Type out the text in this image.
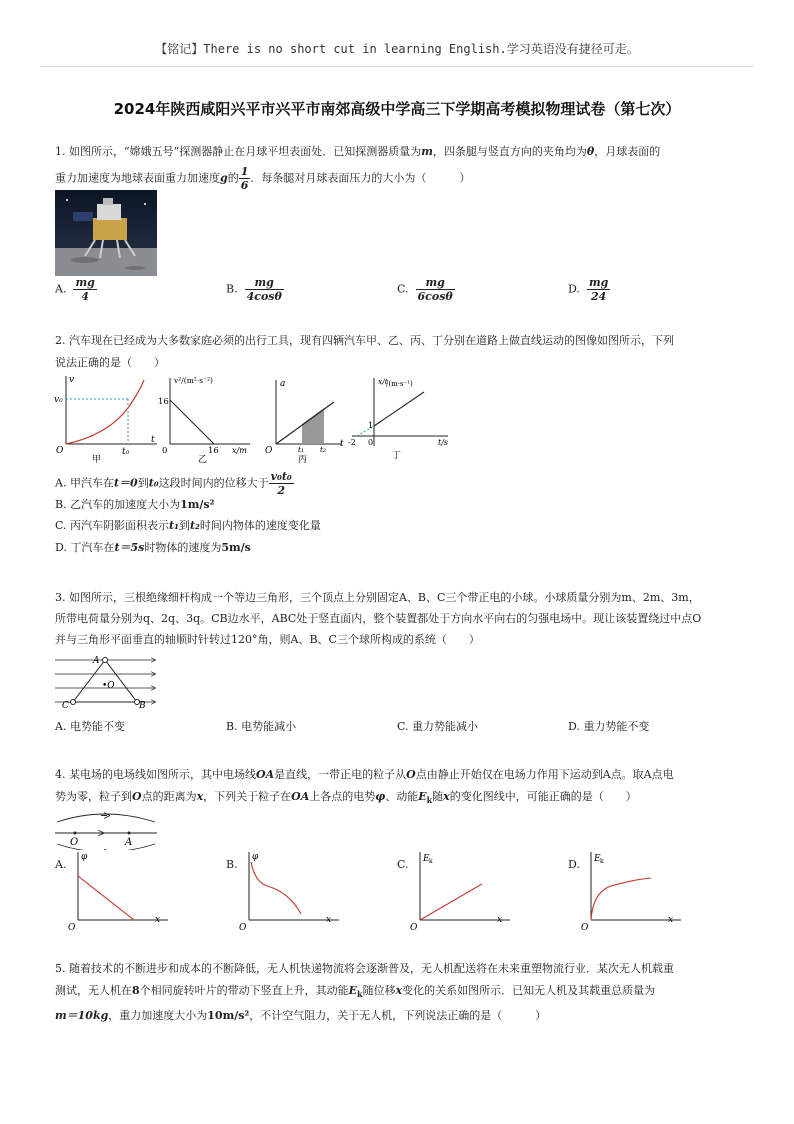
【铭记】There is no short cut in learning English.学习英语没有捷径可走。
2024年陕西咸阳兴平市兴平市南郊高级中学高三下学期高考模拟物理试卷（第七次）
1. 如图所示，“嫦娥五号”探测器静止在月球平坦表面处．已知探测器质量为m，四条腿与竖直方向的夹角均为θ，月球表面的
重力加速度为地球表面重力加速度g的 $\frac{1}{6}$ ．每条腿对月球表面压力的大小为（　　　）
A. $\frac{mg}{4}$	B. $\frac{mg}{4\cos\theta}$	C. $\frac{mg}{6\cos\theta}$	D. $\frac{mg}{24}$
2. 汽车现在已经成为大多数家庭必须的出行工具，现有四辆汽车甲、乙、丙、丁分别在道路上做直线运动的图像如图所示，下列
说法正确的是（　　）
v
v₀
t₀
t
O
甲
v²/(m²·s⁻²)
16
16 x/m
0
乙
a
t₁ t₂
t
O
丙
x/t
/(m·s⁻¹)
1
-2 0	t/s
丁
A. 甲汽车在t＝0到t₀这段时间内的位移大于 $\frac{\text{v₀t₀}}{2}$
B. 乙汽车的加速度大小为1m/s²
C. 丙汽车阴影面积表示t₁到t₂时间内物体的速度变化量
D. 丁汽车在t＝5s时物体的速度为5m/s
3. 如图所示，三根绝缘细杆构成一个等边三角形，三个顶点上分别固定A、B、C三个带正电的小球。小球质量分别为m、2m、3m，
所带电荷量分别为q、2q、3q。CB边水平，ABC处于竖直面内，整个装置都处于方向水平向右的匀强电场中。现让该装置绕过中点O
并与三角形平面垂直的轴顺时针转过120°角，则A、B、C三个球所构成的系统（　　）
A
B
C
•O
A. 电势能不变	B. 电势能减小	C. 重力势能减小	D. 重力势能不变
4. 某电场的电场线如图所示，其中电场线OA是直线，一带正电的粒子从O点由静止开始仅在电场力作用下运动到A点。取A点电
势为零，粒子到O点的距离为x，下列关于粒子在OA上各点的电势φ、动能$E_k$随x的变化图线中，可能正确的是（　　）
O	A
A.
φ
x
O
B.
φ
x
O
C. E k
x
O
D. E k
x
O
5. 随着技术的不断进步和成本的不断降低，无人机快递物流将会逐渐普及，无人机配送将在未来重塑物流行业．某次无人机载重
测试，无人机在8个相同旋转叶片的带动下竖直上升，其动能$E_k$随位移x变化的关系如图所示．已知无人机及其载重总质量为
m＝10kg，重力加速度大小为10m/s²，不计空气阻力，关于无人机，下列说法正确的是（　　　）
